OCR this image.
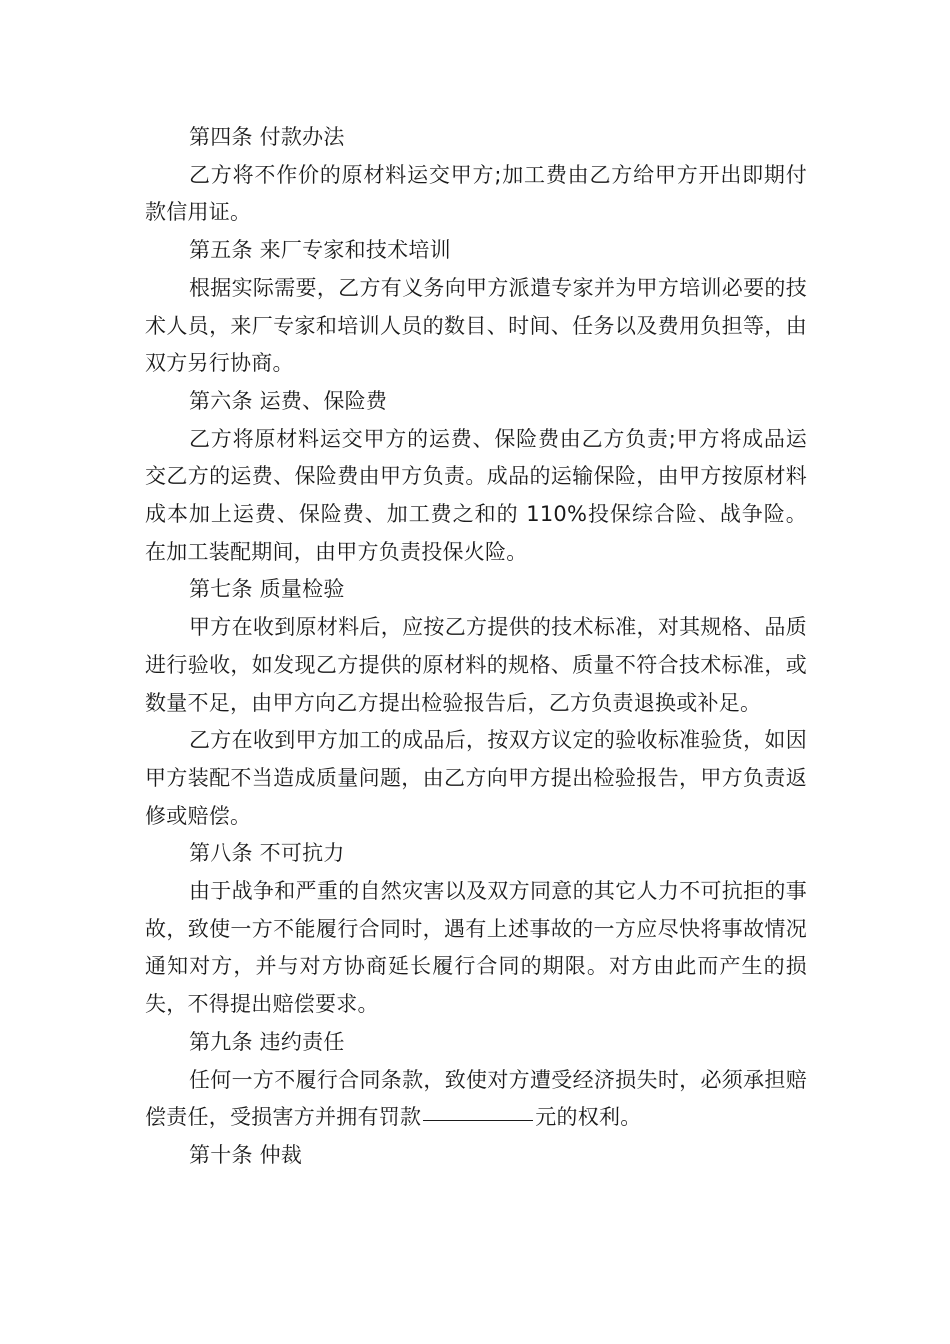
第四条 付款办法

乙方将不作价的原材料运交甲方;加工费由乙方给甲方开出即期付款信用证。

第五条 来厂专家和技术培训

根据实际需要，乙方有义务向甲方派遣专家并为甲方培训必要的技术人员，来厂专家和培训人员的数目、时间、任务以及费用负担等，由双方另行协商。

第六条 运费、保险费

乙方将原材料运交甲方的运费、保险费由乙方负责;甲方将成品运交乙方的运费、保险费由甲方负责。成品的运输保险，由甲方按原材料成本加上运费、保险费、加工费之和的 110%投保综合险、战争险。在加工装配期间，由甲方负责投保火险。

第七条 质量检验

甲方在收到原材料后，应按乙方提供的技术标准，对其规格、品质进行验收，如发现乙方提供的原材料的规格、质量不符合技术标准，或数量不足，由甲方向乙方提出检验报告后，乙方负责退换或补足。

乙方在收到甲方加工的成品后，按双方议定的验收标准验货，如因甲方装配不当造成质量问题，由乙方向甲方提出检验报告，甲方负责返修或赔偿。

第八条 不可抗力

由于战争和严重的自然灾害以及双方同意的其它人力不可抗拒的事故，致使一方不能履行合同时，遇有上述事故的一方应尽快将事故情况通知对方，并与对方协商延长履行合同的期限。对方由此而产生的损失，不得提出赔偿要求。

第九条 违约责任

任何一方不履行合同条款，致使对方遭受经济损失时，必须承担赔偿责任，受损害方并拥有罚款	元的权利。

第十条 仲裁
